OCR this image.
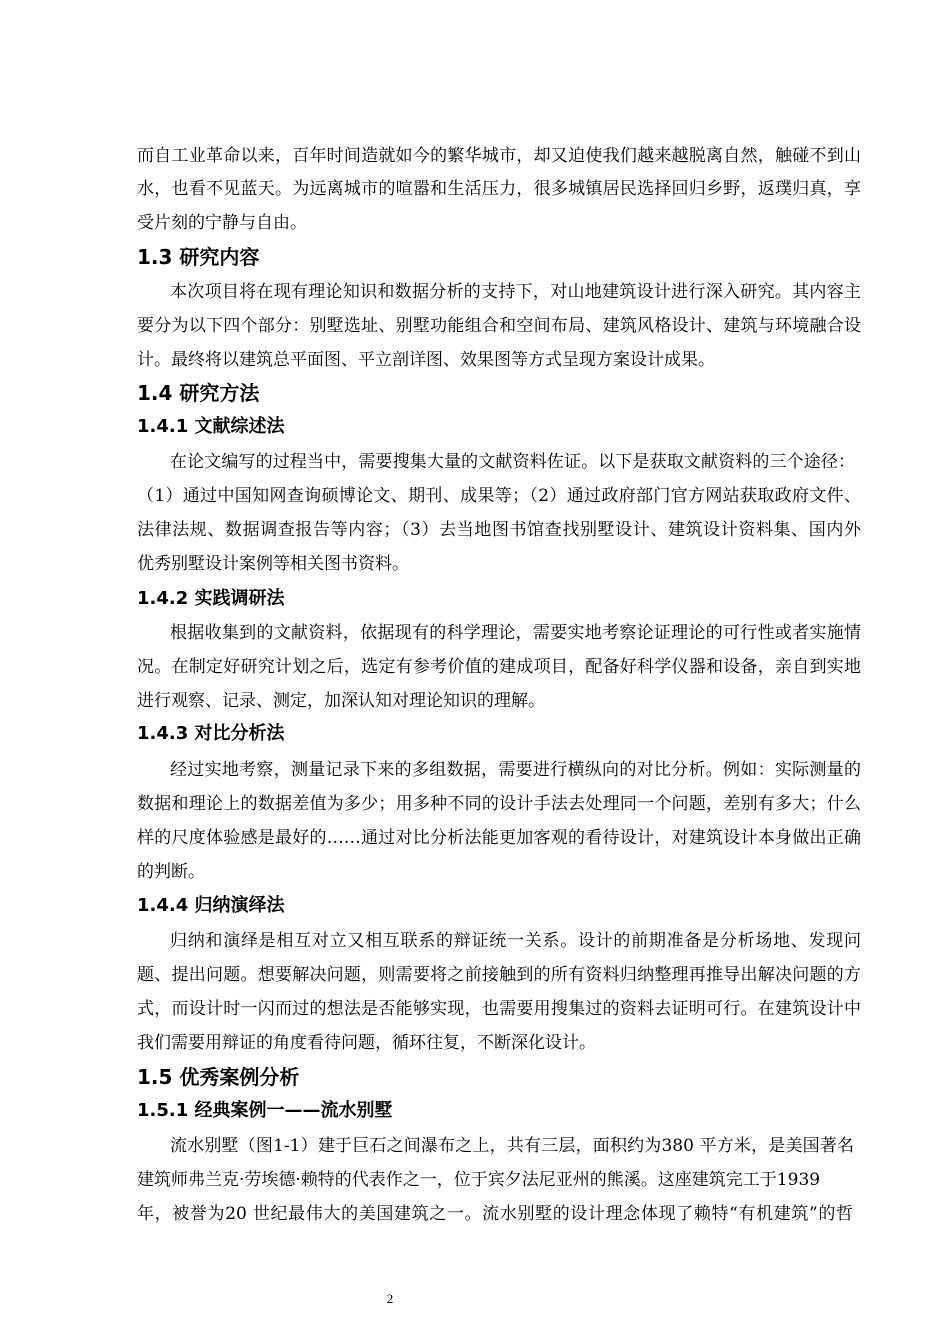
而自工业革命以来，百年时间造就如今的繁华城市，却又迫使我们越来越脱离自然，触碰不到山
水，也看不见蓝天。为远离城市的喧嚣和生活压力，很多城镇居民选择回归乡野，返璞归真，享
受片刻的宁静与自由。
1.3 研究内容
本次项目将在现有理论知识和数据分析的支持下，对山地建筑设计进行深入研究。其内容主
要分为以下四个部分：别墅选址、别墅功能组合和空间布局、建筑风格设计、建筑与环境融合设
计。最终将以建筑总平面图、平立剖详图、效果图等方式呈现方案设计成果。
1.4 研究方法
1.4.1 文献综述法
在论文编写的过程当中，需要搜集大量的文献资料佐证。以下是获取文献资料的三个途径：
（1）通过中国知网查询硕博论文、期刊、成果等；（2）通过政府部门官方网站获取政府文件、
法律法规、数据调查报告等内容；（3）去当地图书馆查找别墅设计、建筑设计资料集、国内外
优秀别墅设计案例等相关图书资料。
1.4.2 实践调研法
根据收集到的文献资料，依据现有的科学理论，需要实地考察论证理论的可行性或者实施情
况。在制定好研究计划之后，选定有参考价值的建成项目，配备好科学仪器和设备，亲自到实地
进行观察、记录、测定，加深认知对理论知识的理解。
1.4.3 对比分析法
经过实地考察，测量记录下来的多组数据，需要进行横纵向的对比分析。例如：实际测量的
数据和理论上的数据差值为多少；用多种不同的设计手法去处理同一个问题，差别有多大；什么
样的尺度体验感是最好的……通过对比分析法能更加客观的看待设计，对建筑设计本身做出正确
的判断。
1.4.4 归纳演绎法
归纳和演绎是相互对立又相互联系的辩证统一关系。设计的前期准备是分析场地、发现问
题、提出问题。想要解决问题，则需要将之前接触到的所有资料归纳整理再推导出解决问题的方
式，而设计时一闪而过的想法是否能够实现，也需要用搜集过的资料去证明可行。在建筑设计中
我们需要用辩证的角度看待问题，循环往复，不断深化设计。
1.5 优秀案例分析
1.5.1 经典案例一——流水别墅
流水别墅（图1-1）建于巨石之间瀑布之上，共有三层，面积约为380 平方米，是美国著名
建筑师弗兰克·劳埃德·赖特的代表作之一，位于宾夕法尼亚州的熊溪。这座建筑完工于1939
年，被誉为20 世纪最伟大的美国建筑之一。流水别墅的设计理念体现了赖特“有机建筑”的哲
2
